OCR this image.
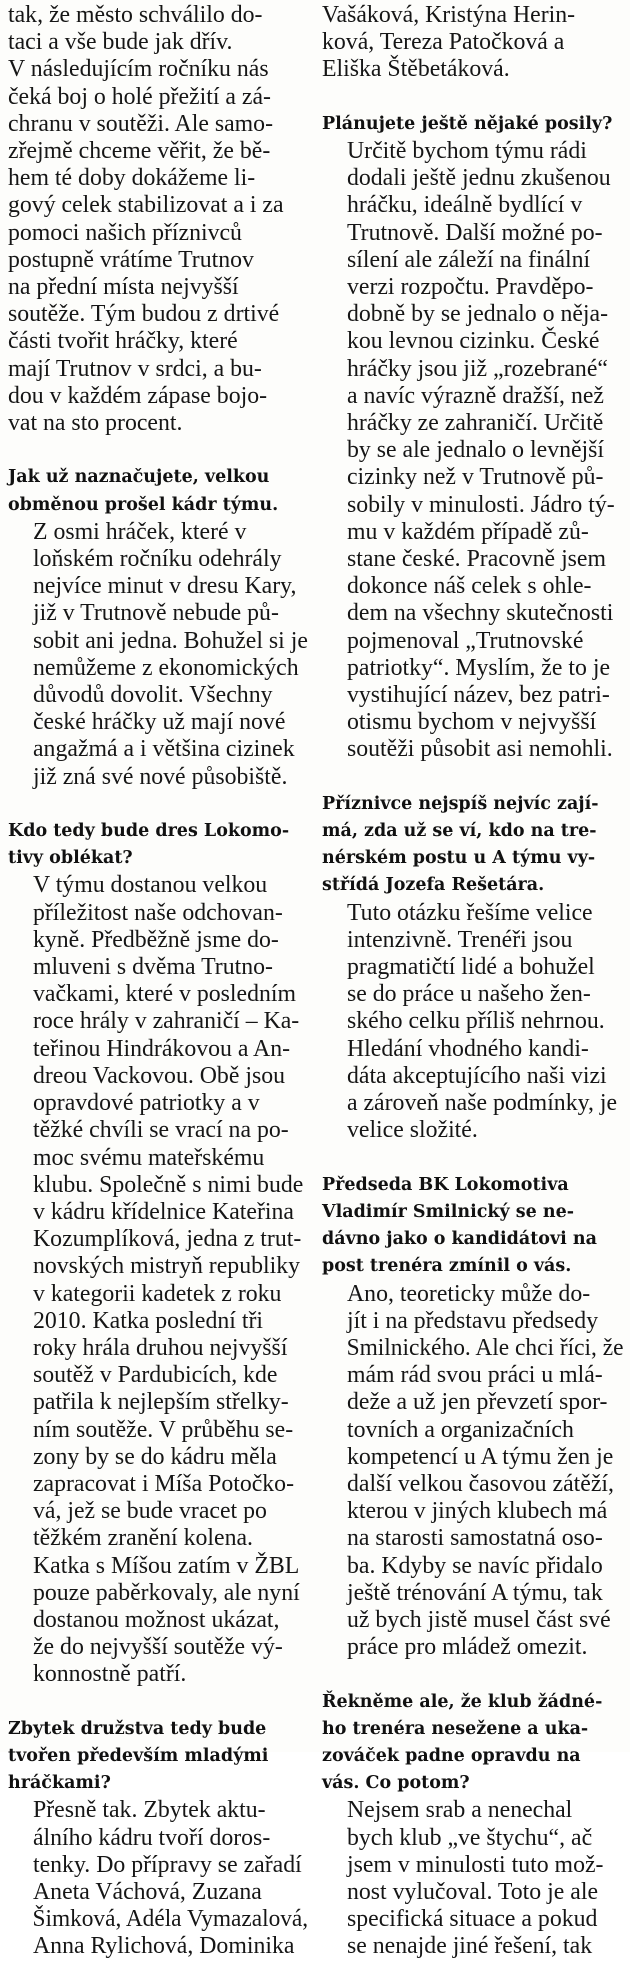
tak, že město schválilo do-
taci a vše bude jak dřív.
V následujícím ročníku nás
čeká boj o holé přežití a zá-
chranu v soutěži. Ale samo-
zřejmě chceme věřit, že bě-
hem té doby dokážeme li-
gový celek stabilizovat a i za
pomoci našich příznivců
postupně vrátíme Trutnov
na přední místa nejvyšší
soutěže. Tým budou z drtivé
části tvořit hráčky, které
mají Trutnov v srdci, a bu-
dou v každém zápase bojo-
vat na sto procent.
Jak už naznačujete, velkou
obměnou prošel kádr týmu.
Z osmi hráček, které v
loňském ročníku odehrály
nejvíce minut v dresu Kary,
již v Trutnově nebude pů-
sobit ani jedna. Bohužel si je
nemůžeme z ekonomických
důvodů dovolit. Všechny
české hráčky už mají nové
angažmá a i většina cizinek
již zná své nové působiště.
Kdo tedy bude dres Lokomo-
tivy oblékat?
V týmu dostanou velkou
příležitost naše odchovan-
kyně. Předběžně jsme do-
mluveni s dvěma Trutno-
vačkami, které v posledním
roce hrály v zahraničí – Ka-
teřinou Hindrákovou a An-
dreou Vackovou. Obě jsou
opravdové patriotky a v
těžké chvíli se vrací na po-
moc svému mateřskému
klubu. Společně s nimi bude
v kádru křídelnice Kateřina
Kozumplíková, jedna z trut-
novských mistryň republiky
v kategorii kadetek z roku
2010. Katka poslední tři
roky hrála druhou nejvyšší
soutěž v Pardubicích, kde
patřila k nejlepším střelky-
ním soutěže. V průběhu se-
zony by se do kádru měla
zapracovat i Míša Potočko-
vá, jež se bude vracet po
těžkém zranění kolena.
Katka s Míšou zatím v ŽBL
pouze paběrkovaly, ale nyní
dostanou možnost ukázat,
že do nejvyšší soutěže vý-
konnostně patří.
Zbytek družstva tedy bude
tvořen především mladými
hráčkami?
Přesně tak. Zbytek aktu-
álního kádru tvoří doros-
tenky. Do přípravy se zařadí
Aneta Váchová, Zuzana
Šimková, Adéla Vymazalová,
Anna Rylichová, Dominika
Vašáková, Kristýna Herin-
ková, Tereza Patočková a
Eliška Štěbetáková.
Plánujete ještě nějaké posily?
Určitě bychom týmu rádi
dodali ještě jednu zkušenou
hráčku, ideálně bydlící v
Trutnově. Další možné po-
sílení ale záleží na finální
verzi rozpočtu. Pravděpo-
dobně by se jednalo o něja-
kou levnou cizinku. České
hráčky jsou již „rozebrané“
a navíc výrazně dražší, než
hráčky ze zahraničí. Určitě
by se ale jednalo o levnější
cizinky než v Trutnově pů-
sobily v minulosti. Jádro tý-
mu v každém případě zů-
stane české. Pracovně jsem
dokonce náš celek s ohle-
dem na všechny skutečnosti
pojmenoval „Trutnovské
patriotky“. Myslím, že to je
vystihující název, bez patri-
otismu bychom v nejvyšší
soutěži působit asi nemohli.
Příznivce nejspíš nejvíc zají-
má, zda už se ví, kdo na tre-
nérském postu u A týmu vy-
střídá Jozefa Rešetára.
Tuto otázku řešíme velice
intenzivně. Trenéři jsou
pragmatičtí lidé a bohužel
se do práce u našeho žen-
ského celku příliš nehrnou.
Hledání vhodného kandi-
dáta akceptujícího naši vizi
a zároveň naše podmínky, je
velice složité.
Předseda BK Lokomotiva
Vladimír Smilnický se ne-
dávno jako o kandidátovi na
post trenéra zmínil o vás.
Ano, teoreticky může do-
jít i na představu předsedy
Smilnického. Ale chci říci, že
mám rád svou práci u mlá-
deže a už jen převzetí spor-
tovních a organizačních
kompetencí u A týmu žen je
další velkou časovou zátěží,
kterou v jiných klubech má
na starosti samostatná oso-
ba. Kdyby se navíc přidalo
ještě trénování A týmu, tak
už bych jistě musel část své
práce pro mládež omezit.
Řekněme ale, že klub žádné-
ho trenéra nesežene a uka-
zováček padne opravdu na
vás. Co potom?
Nejsem srab a nenechal
bych klub „ve štychu“, ač
jsem v minulosti tuto mož-
nost vylučoval. Toto je ale
specifická situace a pokud
se nenajde jiné řešení, tak
